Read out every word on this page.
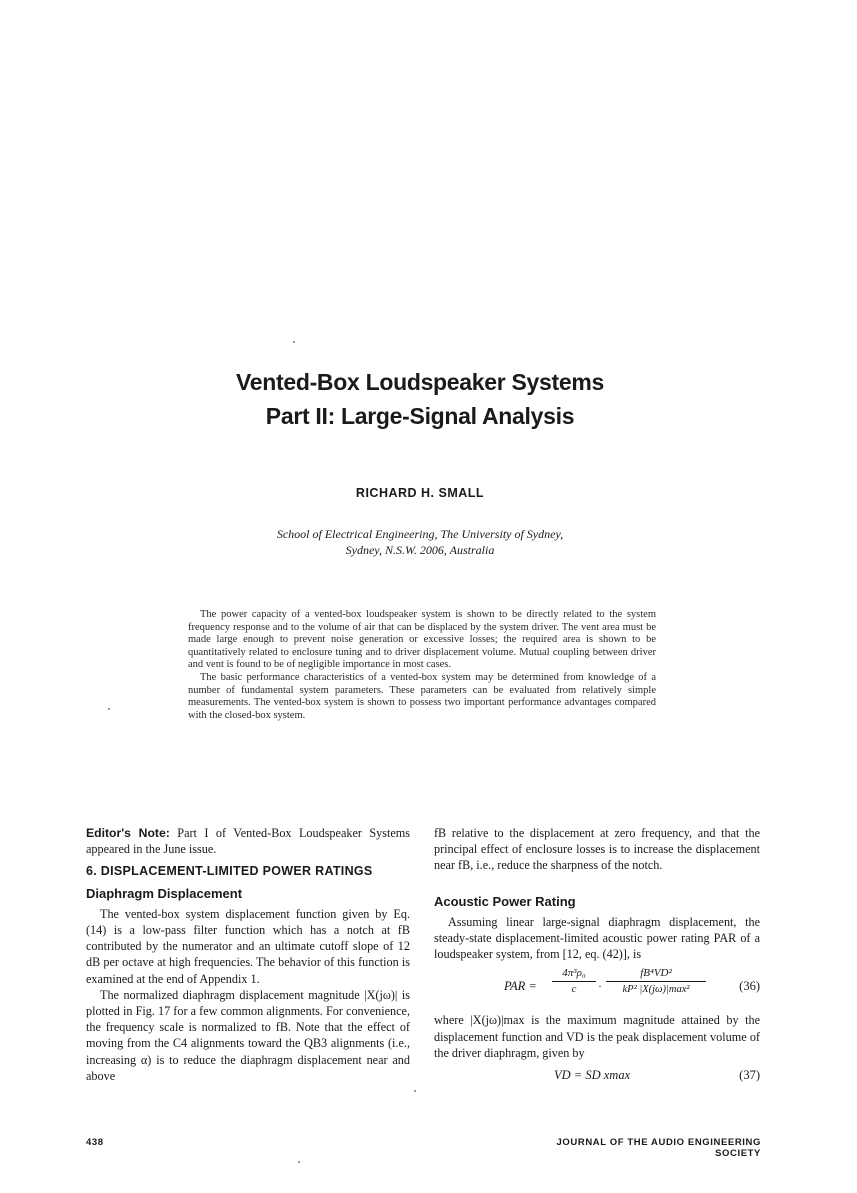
Vented-Box Loudspeaker Systems
Part II: Large-Signal Analysis
RICHARD H. SMALL
School of Electrical Engineering, The University of Sydney,
Sydney, N.S.W. 2006, Australia

The power capacity of a vented-box loudspeaker system is shown to be directly related to the system frequency response and to the volume of air that can be displaced by the system driver. The vent area must be made large enough to prevent noise generation or excessive losses; the required area is shown to be quantitatively related to enclosure tuning and to driver displacement volume. Mutual coupling between driver and vent is found to be of negligible importance in most cases.

The basic performance characteristics of a vented-box system may be determined from knowledge of a number of fundamental system parameters. These parameters can be evaluated from relatively simple measurements. The vented-box system is shown to possess two important performance advantages compared with the closed-box system.

Editor's Note: Part I of Vented-Box Loudspeaker Systems appeared in the June issue.

6. DISPLACEMENT-LIMITED POWER RATINGS
Diaphragm Displacement

The vented-box system displacement function given by Eq. (14) is a low-pass filter function which has a notch at fB contributed by the numerator and an ultimate cutoff slope of 12 dB per octave at high frequencies. The behavior of this function is examined at the end of Appendix 1.

The normalized diaphragm displacement magnitude |X(jω)| is plotted in Fig. 17 for a few common alignments. For convenience, the frequency scale is normalized to fB. Note that the effect of moving from the C4 alignments toward the QB3 alignments (i.e., increasing α) is to reduce the diaphragm displacement near and above

fB relative to the displacement at zero frequency, and that the principal effect of enclosure losses is to increase the displacement near fB, i.e., reduce the sharpness of the notch.

Acoustic Power Rating

Assuming linear large-signal diaphragm displacement, the steady-state displacement-limited acoustic power rating PAR of a loudspeaker system, from [12, eq. (42)], is

PAR =
4π³ρ₀
c	·
fB⁴VD²
kP² |X(jω)|max²	(36)

where |X(jω)|max is the maximum magnitude attained by the displacement function and VD is the peak displacement volume of the driver diaphragm, given by

VD = SD xmax	(37)
438	JOURNAL OF THE AUDIO ENGINEERING SOCIETY
